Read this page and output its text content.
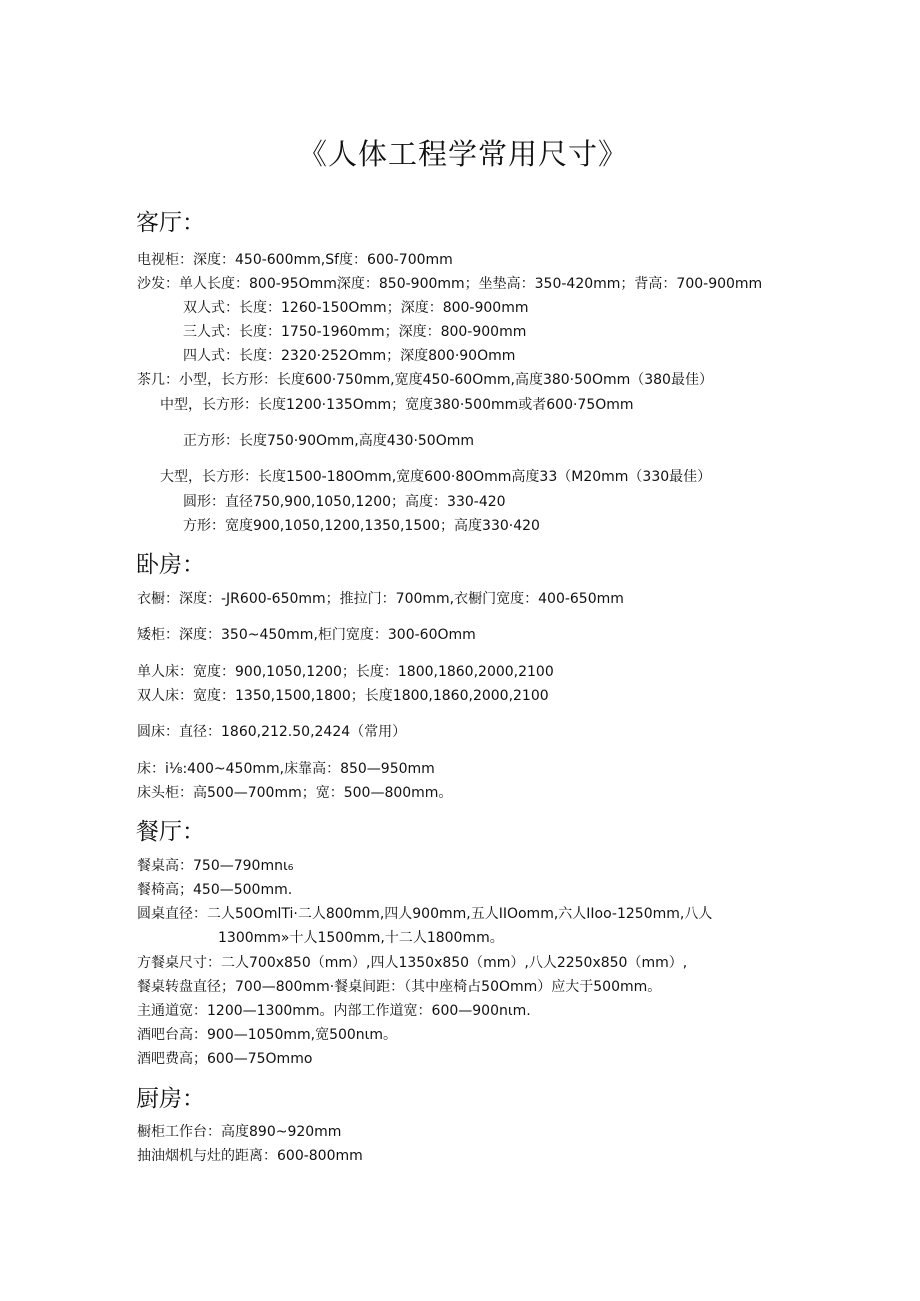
《人体工程学常用尺寸》
客厅：
电视柜：深度：450-600mm,Sf度：600-700mm
沙发：单人长度：800-95Omm深度：850-900mm；坐垫高：350-420mm；背高：700-900mm
双人式：长度：1260-150Omm；深度：800-900mm
三人式：长度：1750-1960mm；深度：800-900mm
四人式：长度：2320·252Omm；深度800·90Omm
茶几：小型，长方形：长度600·750mm,宽度450-60Omm,高度380·50Omm（380最佳）
中型，长方形：长度1200·135Omm；宽度380·500mm或者600·75Omm
正方形：长度750·90Omm,高度430·50Omm
大型，长方形：长度1500-180Omm,宽度600·80Omm高度33（M20mm（330最佳）
圆形：直径750,900,1050,1200；高度：330-420
方形：宽度900,1050,1200,1350,1500；高度330·420
卧房：
衣橱：深度：-JR600-650mm；推拉门：700mm,衣橱门宽度：400-650mm
矮柜：深度：350~450mm,柜门宽度：300-60Omm
单人床：宽度：900,1050,1200；长度：1800,1860,2000,2100
双人床：宽度：1350,1500,1800；长度1800,1860,2000,2100
圆床：直径：1860,212.50,2424（常用）
床：i⅛:400~450mm,床靠高：850—950mm
床头柜：高500—700mm；宽：500—800mm。
餐厅：
餐桌高：750—790mnι₆
餐椅高；450—500mm.
圆桌直径：二人50OmlTi·二人800mm,四人900mm,五人IIOomm,六人IIoo-1250mm,八人
1300mm»十人1500mm,十二人1800mm。
方餐桌尺寸：二人700x850（mm）,四人1350x850（mm）,八人2250x850（mm）,
餐桌转盘直径；700—800mm·餐桌间距：（其中座椅占50Omm）应大于500mm。
主通道宽：1200—1300mm。内部工作道宽：600—900nιm.
酒吧台高：900—1050mm,宽500nιm。
酒吧费高；600—75Ommo
厨房：
橱柜工作台：高度890~920mm
抽油烟机与灶的距离：600-800mm
